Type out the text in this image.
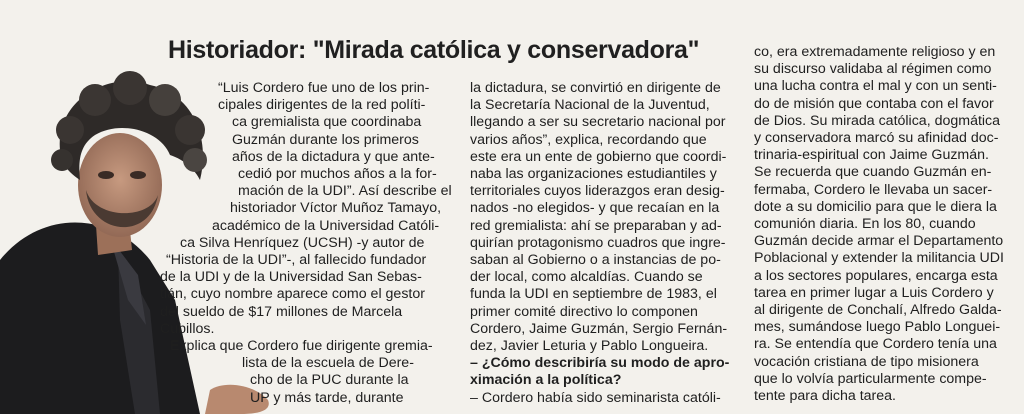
Historiador: "Mirada católica y conservadora"
“Luis Cordero fue uno de los prin-
cipales dirigentes de la red políti-
ca gremialista que coordinaba
Guzmán durante los primeros
años de la dictadura y que ante-
cedió por muchos años a la for-
mación de la UDI”. Así describe el
historiador Víctor Muñoz Tamayo,
académico de la Universidad Católi-
ca Silva Henríquez (UCSH) -y autor de
“Historia de la UDI”-, al fallecido fundador
de la UDI y de la Universidad San Sebas-
tián, cuyo nombre aparece como el gestor
del sueldo de $17 millones de Marcela
Cubillos.
Explica que Cordero fue dirigente gremia-
lista de la escuela de Dere-
cho de la PUC durante la
UP y más tarde, durante
la dictadura, se convirtió en dirigente de
la Secretaría Nacional de la Juventud,
llegando a ser su secretario nacional por
varios años”, explica, recordando que
este era un ente de gobierno que coordi-
naba las organizaciones estudiantiles y
territoriales cuyos liderazgos eran desig-
nados -no elegidos- y que recaían en la
red gremialista: ahí se preparaban y ad-
quirían protagonismo cuadros que ingre-
saban al Gobierno o a instancias de po-
der local, como alcaldías. Cuando se
funda la UDI en septiembre de 1983, el
primer comité directivo lo componen
Cordero, Jaime Guzmán, Sergio Fernán-
dez, Javier Leturia y Pablo Longueira.
– ¿Cómo describiría su modo de apro-
ximación a la política?
– Cordero había sido seminarista católi-
co, era extremadamente religioso y en
su discurso validaba al régimen como
una lucha contra el mal y con un senti-
do de misión que contaba con el favor
de Dios. Su mirada católica, dogmática
y conservadora marcó su afinidad doc-
trinaria-espiritual con Jaime Guzmán.
Se recuerda que cuando Guzmán en-
fermaba, Cordero le llevaba un sacer-
dote a su domicilio para que le diera la
comunión diaria. En los 80, cuando
Guzmán decide armar el Departamento
Poblacional y extender la militancia UDI
a los sectores populares, encarga esta
tarea en primer lugar a Luis Cordero y
al dirigente de Conchalí, Alfredo Galda-
mes, sumándose luego Pablo Longuei-
ra. Se entendía que Cordero tenía una
vocación cristiana de tipo misionera
que lo volvía particularmente compe-
tente para dicha tarea.
